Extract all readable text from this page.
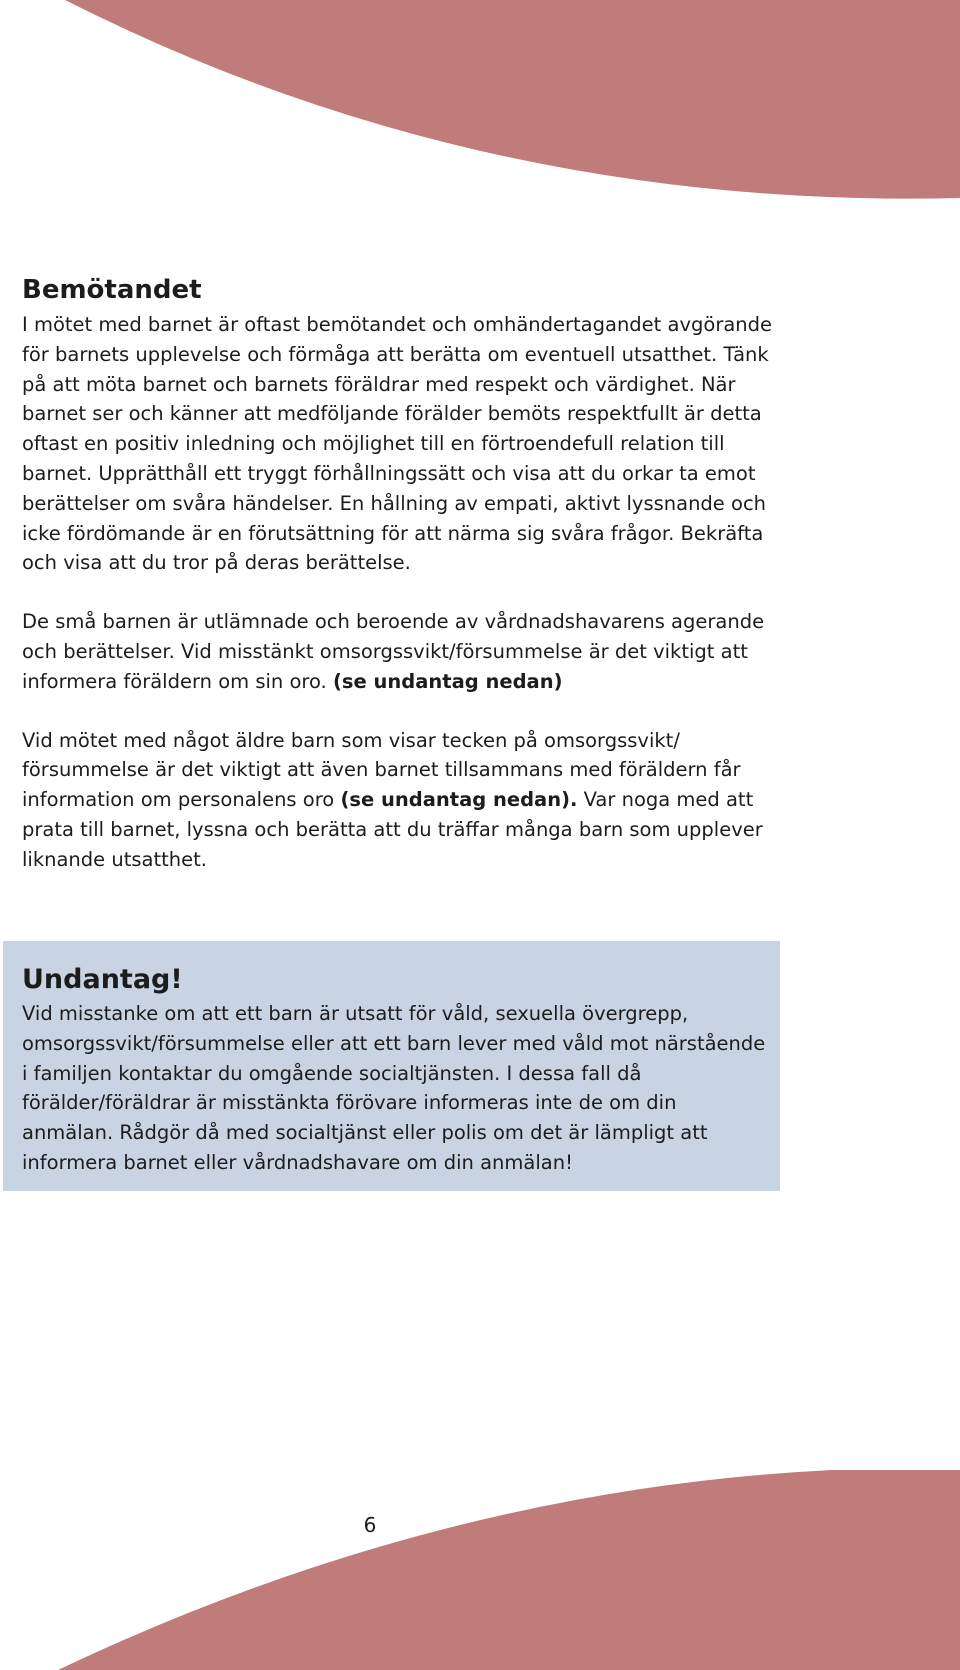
Bemötandet

I mötet med barnet är oftast bemötandet och omhändertagandet avgörande för barnets upplevelse och förmåga att berätta om eventuell utsatthet. Tänk på att möta barnet och barnets föräldrar med respekt och värdighet. När barnet ser och känner att medföljande förälder bemöts respektfullt är detta oftast en positiv inledning och möjlighet till en förtroendefull relation till barnet. Upprätthåll ett tryggt förhållningssätt och visa att du orkar ta emot berättelser om svåra händelser. En hållning av empati, aktivt lyssnande och icke fördömande är en förutsättning för att närma sig svåra frågor. Bekräfta och visa att du tror på deras berättelse.

De små barnen är utlämnade och beroende av vårdnadshavarens agerande och berättelser. Vid misstänkt omsorgssvikt/försummelse är det viktigt att informera föräldern om sin oro. (se undantag nedan)

Vid mötet med något äldre barn som visar tecken på omsorgssvikt/ försummelse är det viktigt att även barnet tillsammans med föräldern får information om personalens oro (se undantag nedan). Var noga med att prata till barnet, lyssna och berätta att du träffar många barn som upplever liknande utsatthet.

Undantag!

Vid misstanke om att ett barn är utsatt för våld, sexuella övergrepp, omsorgssvikt/försummelse eller att ett barn lever med våld mot närstående i familjen kontaktar du omgående socialtjänsten. I dessa fall då förälder/föräldrar är misstänkta förövare informeras inte de om din anmälan. Rådgör då med socialtjänst eller polis om det är lämpligt att informera barnet eller vårdnadshavare om din anmälan!

6
